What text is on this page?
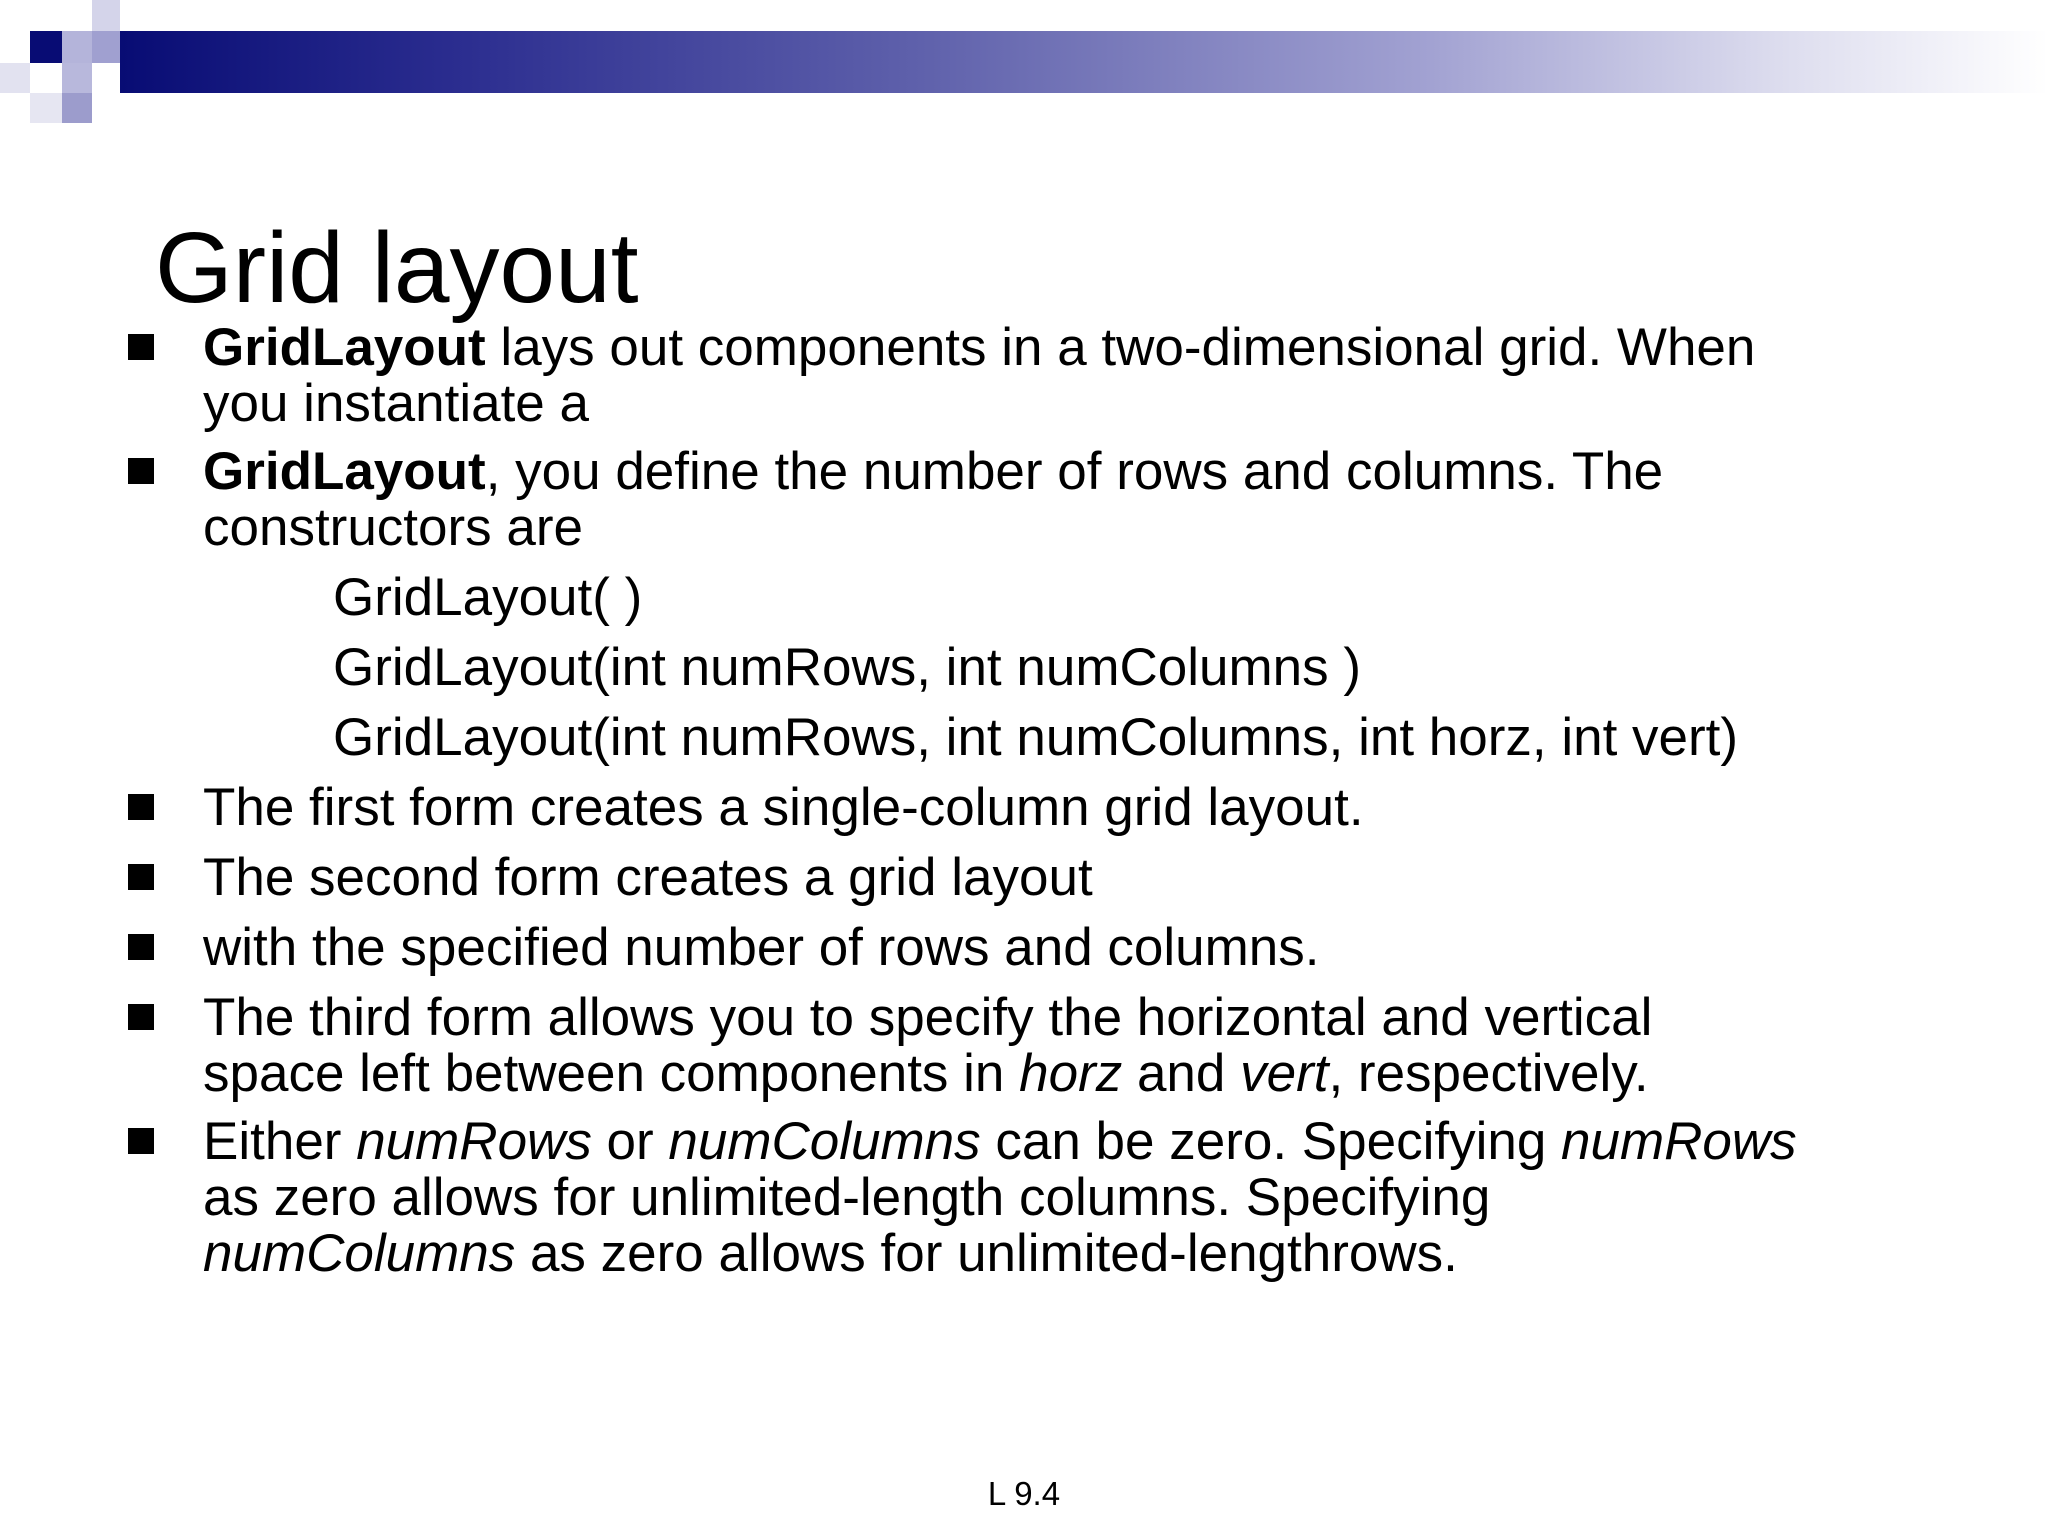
Grid layout
GridLayout lays out components in a two-dimensional grid. When
you instantiate a
GridLayout, you define the number of rows and columns. The
constructors are
GridLayout( )
GridLayout(int numRows, int numColumns )
GridLayout(int numRows, int numColumns, int horz, int vert)
The first form creates a single-column grid layout.
The second form creates a grid layout
with the specified number of rows and columns.
The third form allows you to specify the horizontal and vertical
space left between components in horz and vert, respectively.
Either numRows or numColumns can be zero. Specifying numRows
as zero allows for unlimited-length columns. Specifying
numColumns as zero allows for unlimited-lengthrows.
L 9.4
